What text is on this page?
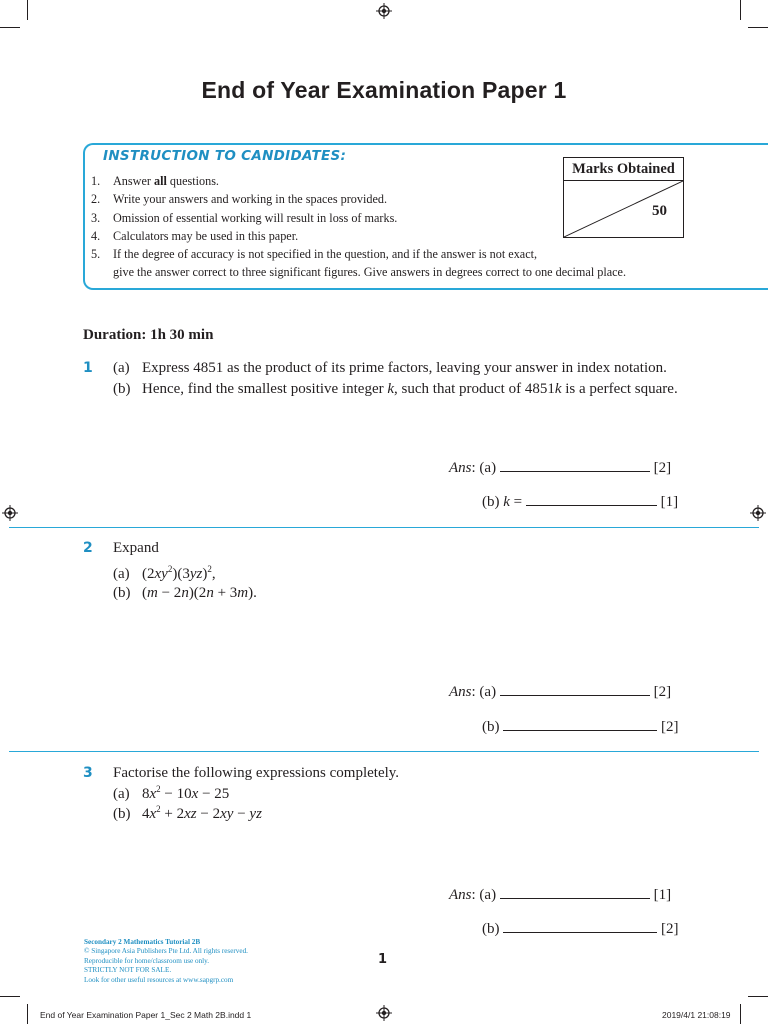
End of Year Examination Paper 1
INSTRUCTION TO CANDIDATES:
1. Answer all questions.
2. Write your answers and working in the spaces provided.
3. Omission of essential working will result in loss of marks.
4. Calculators may be used in this paper.
5. If the degree of accuracy is not specified in the question, and if the answer is not exact,
give the answer correct to three significant figures. Give answers in degrees correct to one decimal place.
Marks Obtained
50
Duration: 1h 30 min
1 (a) Express 4851 as the product of its prime factors, leaving your answer in index notation.
(b) Hence, find the smallest positive integer k, such that product of 4851k is a perfect square.
Ans: (a)	[2]
(b) k =	[1]
2 Expand
(a) $(2xy^2)(3yz)^2$,
(b) (m − 2n)(2n + 3m).
Ans: (a)	[2]
(b)	[2]
3 Factorise the following expressions completely.
(a) $8x^2 - 10x - 25$
(b) $4x^2 + 2xz - 2xy$ − yz
Ans: (a)	[1]
(b)	[2]
Secondary 2 Mathematics Tutorial 2B
© Singapore Asia Publishers Pte Ltd. All rights reserved.
Reproducible for home/classroom use only.
STRICTLY NOT FOR SALE.
Look for other useful resources at www.sapgrp.com
1
End of Year Examination Paper 1_Sec 2 Math 2B.indd 1	2019/4/1 21:08:19
